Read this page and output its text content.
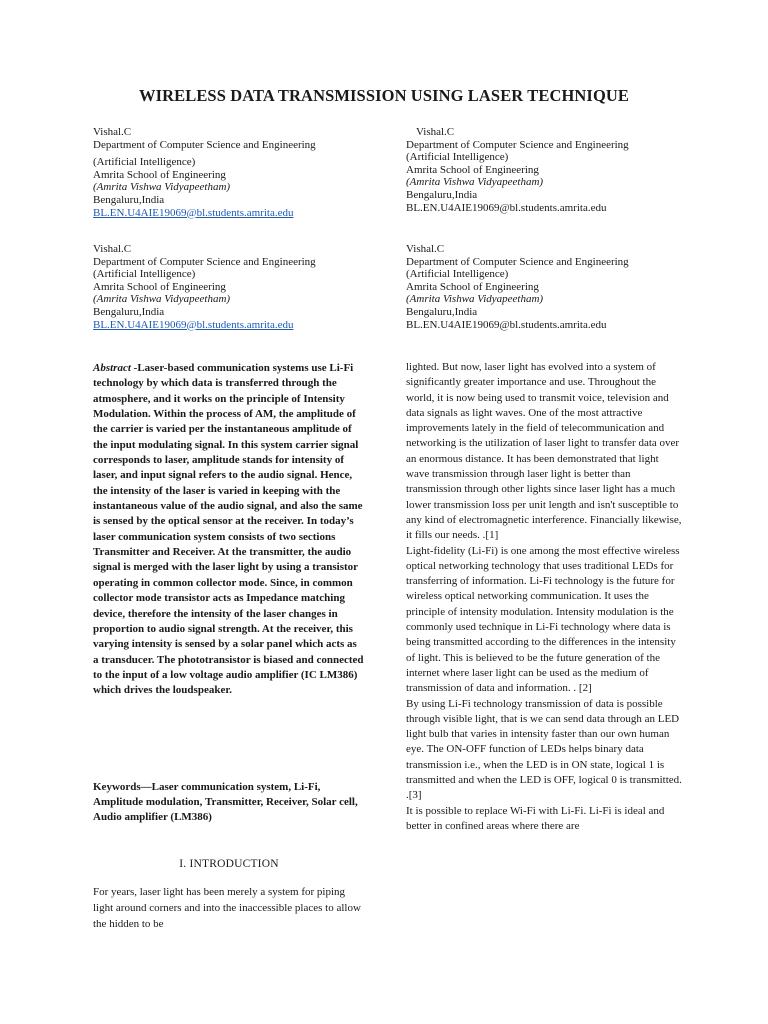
WIRELESS DATA TRANSMISSION USING LASER TECHNIQUE
Vishal.C
Department of Computer Science and Engineering
(Artificial Intelligence)
Amrita School of Engineering
(Amrita Vishwa Vidyapeetham)
Bengaluru,India
BL.EN.U4AIE19069@bl.students.amrita.edu
Vishal.C
Department of Computer Science and Engineering
(Artificial Intelligence)
Amrita School of Engineering
(Amrita Vishwa Vidyapeetham)
Bengaluru,India
BL.EN.U4AIE19069@bl.students.amrita.edu
Vishal.C
Department of Computer Science and Engineering
(Artificial Intelligence)
Amrita School of Engineering
(Amrita Vishwa Vidyapeetham)
Bengaluru,India
BL.EN.U4AIE19069@bl.students.amrita.edu
Vishal.C
Department of Computer Science and Engineering
(Artificial Intelligence)
Amrita School of Engineering
(Amrita Vishwa Vidyapeetham)
Bengaluru,India
BL.EN.U4AIE19069@bl.students.amrita.edu
Abstract -Laser-based communication systems use Li-Fi technology by which data is transferred through the atmosphere, and it works on the principle of Intensity Modulation. Within the process of AM, the amplitude of the carrier is varied per the instantaneous amplitude of the input modulating signal. In this system carrier signal corresponds to laser, amplitude stands for intensity of laser, and input signal refers to the audio signal. Hence, the intensity of the laser is varied in keeping with the instantaneous value of the audio signal, and also the same is sensed by the optical sensor at the receiver. In today’s laser communication system consists of two sections Transmitter and Receiver. At the transmitter, the audio signal is merged with the laser light by using a transistor operating in common collector mode. Since, in common collector mode transistor acts as Impedance matching device, therefore the intensity of the laser changes in proportion to audio signal strength. At the receiver, this varying intensity is sensed by a solar panel which acts as a transducer. The phototransistor is biased and connected to the input of a low voltage audio amplifier (IC LM386) which drives the loudspeaker.
Keywords—Laser communication system, Li-Fi, Amplitude modulation, Transmitter, Receiver, Solar cell, Audio amplifier (LM386)
I. INTRODUCTION
For years, laser light has been merely a system for piping light around corners and into the inaccessible places to allow the hidden to be

lighted. But now, laser light has evolved into a system of significantly greater importance and use. Throughout the world, it is now being used to transmit voice, television and data signals as light waves. One of the most attractive improvements lately in the field of telecommunication and networking is the utilization of laser light to transfer data over an enormous distance. It has been demonstrated that light wave transmission through laser light is better than transmission through other lights since laser light has a much lower transmission loss per unit length and isn't susceptible to any kind of electromagnetic interference. Financially likewise, it fills our needs. .[1]

Light-fidelity (Li-Fi) is one among the most effective wireless optical networking technology that uses traditional LEDs for transferring of information. Li-Fi technology is the future for wireless optical networking communication. It uses the principle of intensity modulation. Intensity modulation is the commonly used technique in Li-Fi technology where data is being transmitted according to the differences in the intensity of light. This is believed to be the future generation of the internet where laser light can be used as the medium of transmission of data and information. . [2]

By using Li-Fi technology transmission of data is possible through visible light, that is we can send data through an LED light bulb that varies in intensity faster than our own human eye. The ON-OFF function of LEDs helps binary data transmission i.e., when the LED is in ON state, logical 1 is transmitted and when the LED is OFF, logical 0 is transmitted. .[3]

It is possible to replace Wi-Fi with Li-Fi. Li-Fi is ideal and better in confined areas where there are
